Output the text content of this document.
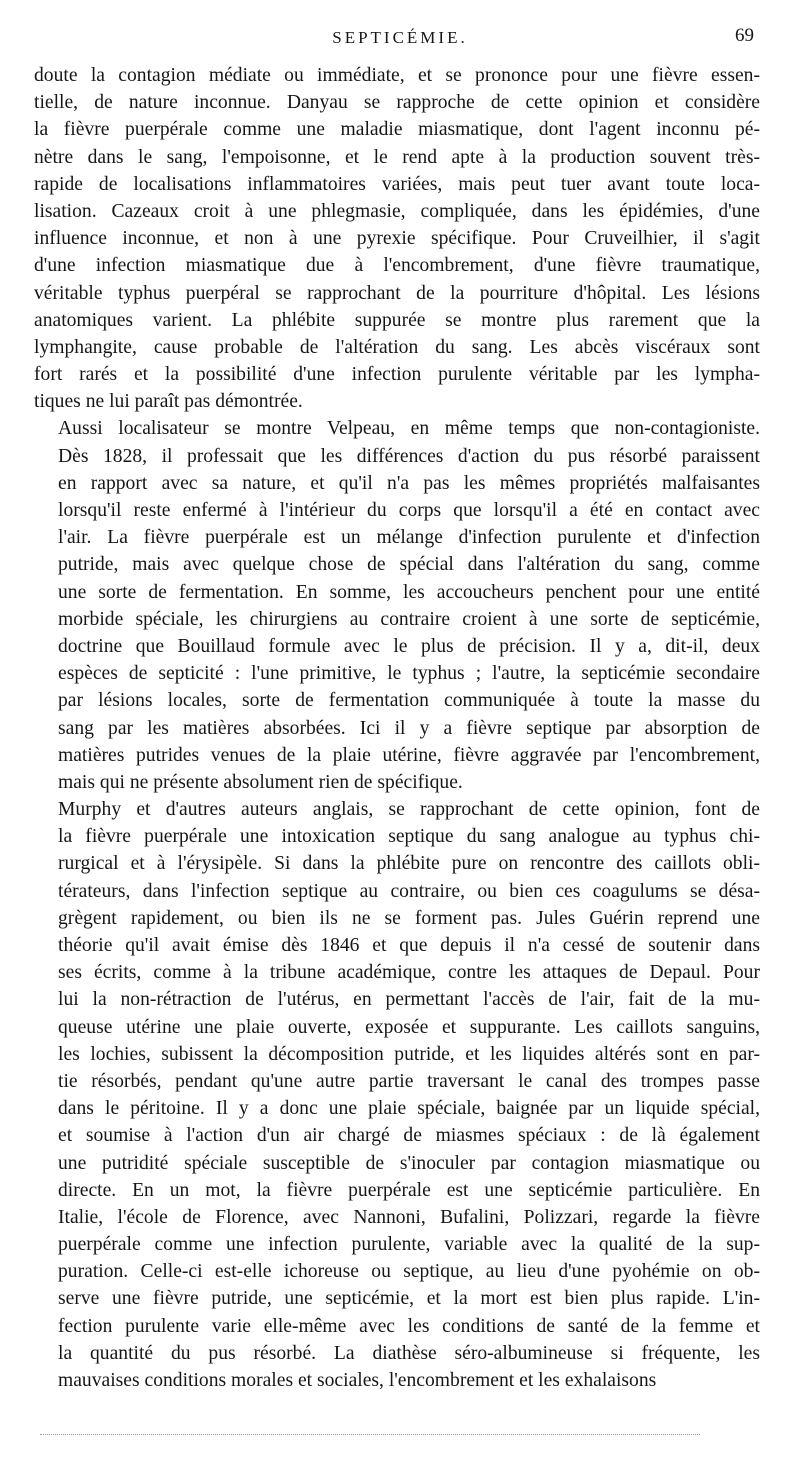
SEPTICÉMIE.	69
doute la contagion médiate ou immédiate, et se prononce pour une fièvre essen-
tielle, de nature inconnue. Danyau se rapproche de cette opinion et considère
la fièvre puerpérale comme une maladie miasmatique, dont l'agent inconnu pé-
nètre dans le sang, l'empoisonne, et le rend apte à la production souvent très-
rapide de localisations inflammatoires variées, mais peut tuer avant toute loca-
lisation. Cazeaux croit à une phlegmasie, compliquée, dans les épidémies, d'une
influence inconnue, et non à une pyrexie spécifique. Pour Cruveilhier, il s'agit
d'une infection miasmatique due à l'encombrement, d'une fièvre traumatique,
véritable typhus puerpéral se rapprochant de la pourriture d'hôpital. Les lésions
anatomiques varient. La phlébite suppurée se montre plus rarement que la
lymphangite, cause probable de l'altération du sang. Les abcès viscéraux sont
fort rarés et la possibilité d'une infection purulente véritable par les lympha-
tiques ne lui paraît pas démontrée.
Aussi localisateur se montre Velpeau, en même temps que non-contagioniste.
Dès 1828, il professait que les différences d'action du pus résorbé paraissent
en rapport avec sa nature, et qu'il n'a pas les mêmes propriétés malfaisantes
lorsqu'il reste enfermé à l'intérieur du corps que lorsqu'il a été en contact avec
l'air. La fièvre puerpérale est un mélange d'infection purulente et d'infection
putride, mais avec quelque chose de spécial dans l'altération du sang, comme
une sorte de fermentation. En somme, les accoucheurs penchent pour une entité
morbide spéciale, les chirurgiens au contraire croient à une sorte de septicémie,
doctrine que Bouillaud formule avec le plus de précision. Il y a, dit-il, deux
espèces de septicité : l'une primitive, le typhus ; l'autre, la septicémie secondaire
par lésions locales, sorte de fermentation communiquée à toute la masse du
sang par les matières absorbées. Ici il y a fièvre septique par absorption de
matières putrides venues de la plaie utérine, fièvre aggravée par l'encombrement,
mais qui ne présente absolument rien de spécifique.
Murphy et d'autres auteurs anglais, se rapprochant de cette opinion, font de
la fièvre puerpérale une intoxication septique du sang analogue au typhus chi-
rurgical et à l'érysipèle. Si dans la phlébite pure on rencontre des caillots obli-
térateurs, dans l'infection septique au contraire, ou bien ces coagulums se désa-
grègent rapidement, ou bien ils ne se forment pas. Jules Guérin reprend une
théorie qu'il avait émise dès 1846 et que depuis il n'a cessé de soutenir dans
ses écrits, comme à la tribune académique, contre les attaques de Depaul. Pour
lui la non-rétraction de l'utérus, en permettant l'accès de l'air, fait de la mu-
queuse utérine une plaie ouverte, exposée et suppurante. Les caillots sanguins,
les lochies, subissent la décomposition putride, et les liquides altérés sont en par-
tie résorbés, pendant qu'une autre partie traversant le canal des trompes passe
dans le péritoine. Il y a donc une plaie spéciale, baignée par un liquide spécial,
et soumise à l'action d'un air chargé de miasmes spéciaux : de là également
une putridité spéciale susceptible de s'inoculer par contagion miasmatique ou
directe. En un mot, la fièvre puerpérale est une septicémie particulière. En
Italie, l'école de Florence, avec Nannoni, Bufalini, Polizzari, regarde la fièvre
puerpérale comme une infection purulente, variable avec la qualité de la sup-
puration. Celle-ci est-elle ichoreuse ou septique, au lieu d'une pyohémie on ob-
serve une fièvre putride, une septicémie, et la mort est bien plus rapide. L'in-
fection purulente varie elle-même avec les conditions de santé de la femme et
la quantité du pus résorbé. La diathèse séro-albumineuse si fréquente, les
mauvaises conditions morales et sociales, l'encombrement et les exhalaisons
